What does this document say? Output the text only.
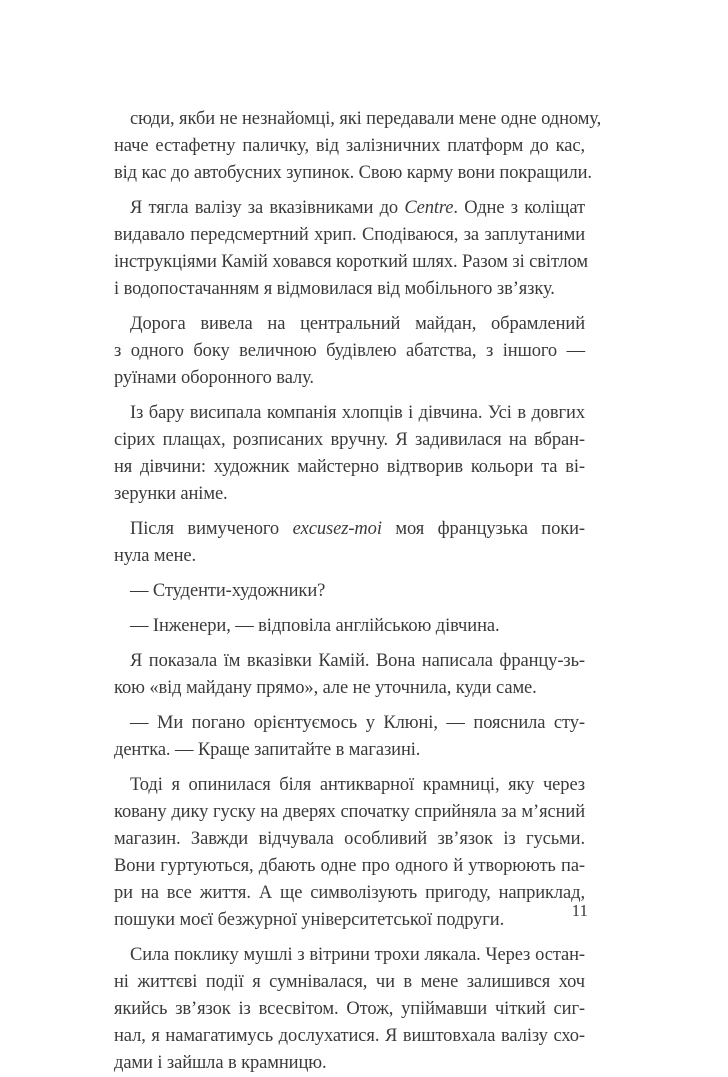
сюди, якби не незнайомці, які передавали мене одне одному,
наче естафетну паличку, від залізничних платформ до кас,
від кас до автобусних зупинок. Свою карму вони покращили.
Я тягла валізу за вказівниками до Centre. Одне з коліщат
видавало передсмертний хрип. Сподіваюся, за заплутаними
інструкціями Камій ховався короткий шлях. Разом зі світлом
і водопостачанням я відмовилася від мобільного зв’язку.
Дорога вивела на центральний майдан, обрамлений
з одного боку величною будівлею абатства, з іншого —
руїнами оборонного валу.
Із бару висипала компанія хлопців і дівчина. Усі в довгих
сірих плащах, розписаних вручну. Я задивилася на вбран-
ня дівчини: художник майстерно відтворив кольори та ві-
зерунки аніме.
Після вимученого excusez-moi моя французька поки-
нула мене.
— Студенти-художники?
— Інженери, — відповіла англійською дівчина.
Я показала їм вказівки Камій. Вона написала францу-зь-
кою «від майдану прямо», але не уточнила, куди саме.
— Ми погано орієнтуємось у Клюні, — пояснила сту-
дентка. — Краще запитайте в магазині.
Тоді я опинилася біля антикварної крамниці, яку через
ковану дику гуску на дверях спочатку сприйняла за м’ясний
магазин. Завжди відчувала особливий зв’язок із гусьми.
Вони гуртуються, дбають одне про одного й утворюють па-
ри на все життя. А ще символізують пригоду, наприклад,
пошуки моєї безжурної університетської подруги.
Сила поклику мушлі з вітрини трохи лякала. Через остан-
ні життєві події я сумнівалася, чи в мене залишився хоч
якийсь зв’язок із всесвітом. Отож, упіймавши чіткий сиг-
нал, я намагатимусь дослухатися. Я виштовхала валізу схо-
дами і зайшла в крамницю.
11
